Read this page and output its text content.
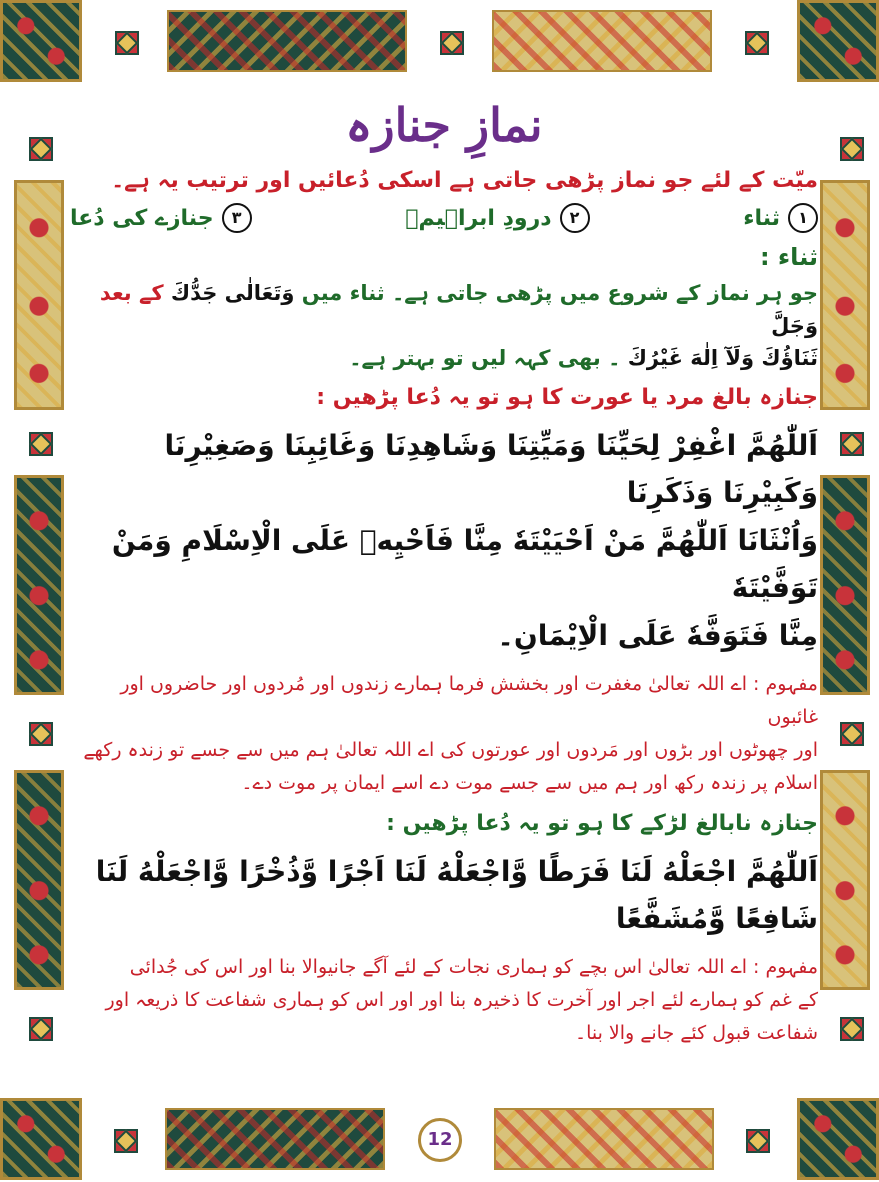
نمازِ جنازہ

میّت کے لئے جو نماز پڑھی جاتی ہے اسکی دُعائیں اور ترتیب یہ ہے۔

١
ثناء
٢
درودِ ابراہیمؑ
٣
جنازے کی دُعا
ثناء :

جو ہر نماز کے شروع میں پڑھی جاتی ہے۔ ثناء میں وَتَعَالٰى جَدُّكَ کے بعد وَجَلَّ

ثَنَاؤُكَ وَلَآ اِلٰهَ غَيْرُكَ ۔ بھی کہہ لیں تو بہتر ہے۔

جنازہ بالغ مرد یا عورت کا ہو تو یہ دُعا پڑھیں :

اَللّٰهُمَّ اغْفِرْ لِحَيِّنَا وَمَيِّتِنَا وَشَاهِدِنَا وَغَائِبِنَا وَصَغِيْرِنَا وَكَبِيْرِنَا وَذَكَرِنَا
وَاُنْثَانَا اَللّٰهُمَّ مَنْ اَحْيَيْتَهٗ مِنَّا فَاَحْيِهٖ عَلَى الْاِسْلَامِ وَمَنْ تَوَفَّيْتَهٗ
مِنَّا فَتَوَفَّهٗ عَلَى الْاِيْمَانِ۔
مفہوم : اے اللہ تعالیٰ مغفرت اور بخشش فرما ہمارے زندوں اور مُردوں اور حاضروں اور غائبوں
اور چھوٹوں اور بڑوں اور مَردوں اور عورتوں کی اے اللہ تعالیٰ ہم میں سے جسے تو زندہ رکھے
اسلام پر زندہ رکھ اور ہم میں سے جسے موت دے اسے ایمان پر موت دے۔

جنازہ نابالغ لڑکے کا ہو تو یہ دُعا پڑھیں :

اَللّٰهُمَّ اجْعَلْهُ لَنَا فَرَطًا وَّاجْعَلْهُ لَنَا اَجْرًا وَّذُخْرًا وَّاجْعَلْهُ لَنَا شَافِعًا وَّمُشَفَّعًا
مفہوم : اے اللہ تعالیٰ اس بچے کو ہماری نجات کے لئے آگے جانیوالا بنا اور اس کی جُدائی
کے غم کو ہمارے لئے اجر اور آخرت کا ذخیرہ بنا اور اور اس کو ہماری شفاعت کا ذریعہ اور
شفاعت قبول کئے جانے والا بنا۔
12
